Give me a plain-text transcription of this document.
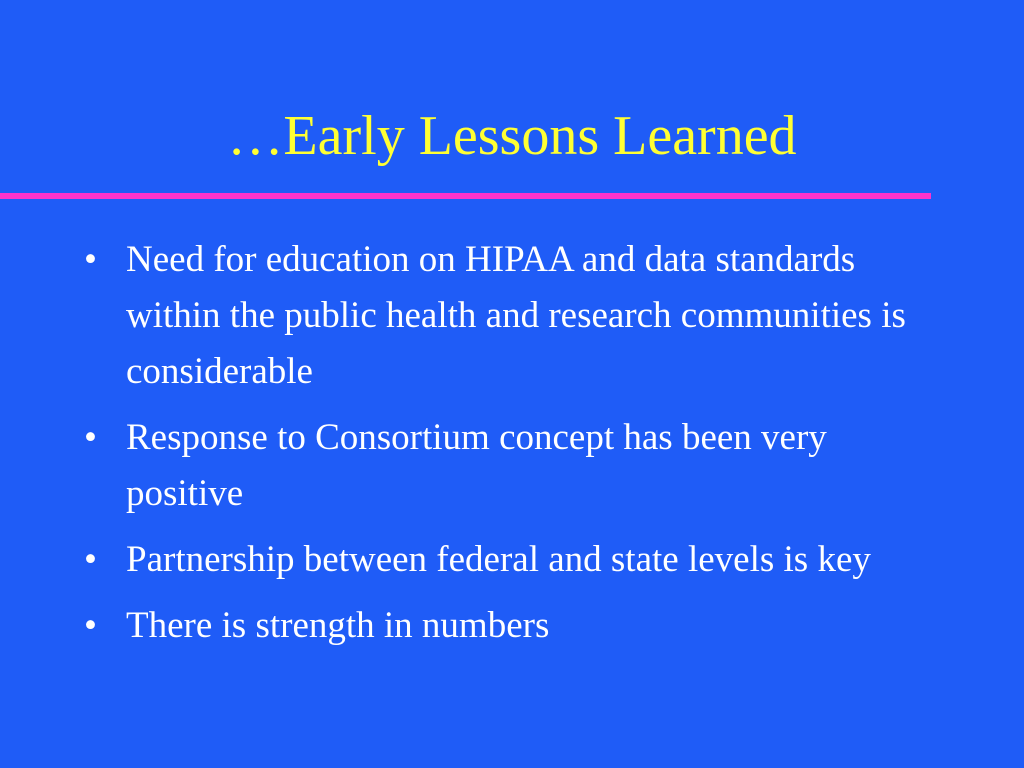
…Early Lessons Learned
• Need for education on HIPAA and data standards within the public health and research communities is considerable
• Response to Consortium concept has been very positive
• Partnership between federal and state levels is key
• There is strength in numbers
